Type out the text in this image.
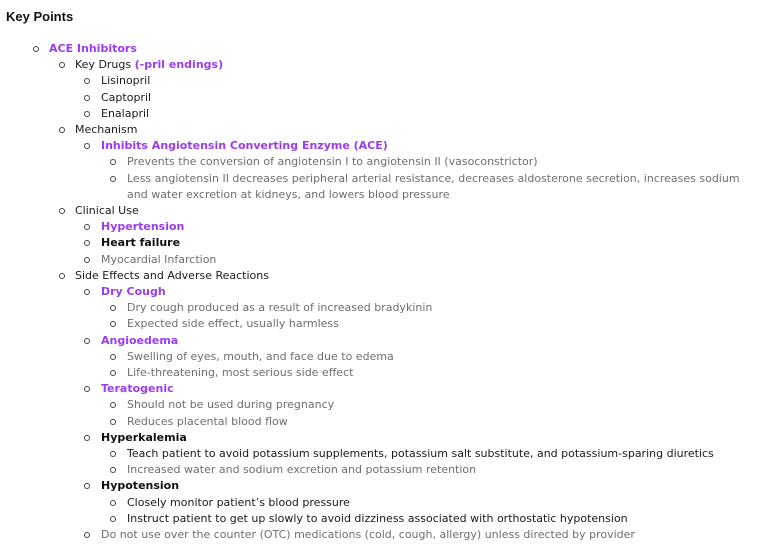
Key Points
ACE Inhibitors
Key Drugs (-pril endings)
Lisinopril
Captopril
Enalapril
Mechanism
Inhibits Angiotensin Converting Enzyme (ACE)
Prevents the conversion of angiotensin I to angiotensin II (vasoconstrictor)
Less angiotensin II decreases peripheral arterial resistance, decreases aldosterone secretion, increases sodium and water excretion at kidneys, and lowers blood pressure
Clinical Use
Hypertension
Heart failure
Myocardial Infarction
Side Effects and Adverse Reactions
Dry Cough
Dry cough produced as a result of increased bradykinin
Expected side effect, usually harmless
Angioedema
Swelling of eyes, mouth, and face due to edema
Life-threatening, most serious side effect
Teratogenic
Should not be used during pregnancy
Reduces placental blood flow
Hyperkalemia
Teach patient to avoid potassium supplements, potassium salt substitute, and potassium-sparing diuretics
Increased water and sodium excretion and potassium retention
Hypotension
Closely monitor patient’s blood pressure
Instruct patient to get up slowly to avoid dizziness associated with orthostatic hypotension
Do not use over the counter (OTC) medications (cold, cough, allergy) unless directed by provider
